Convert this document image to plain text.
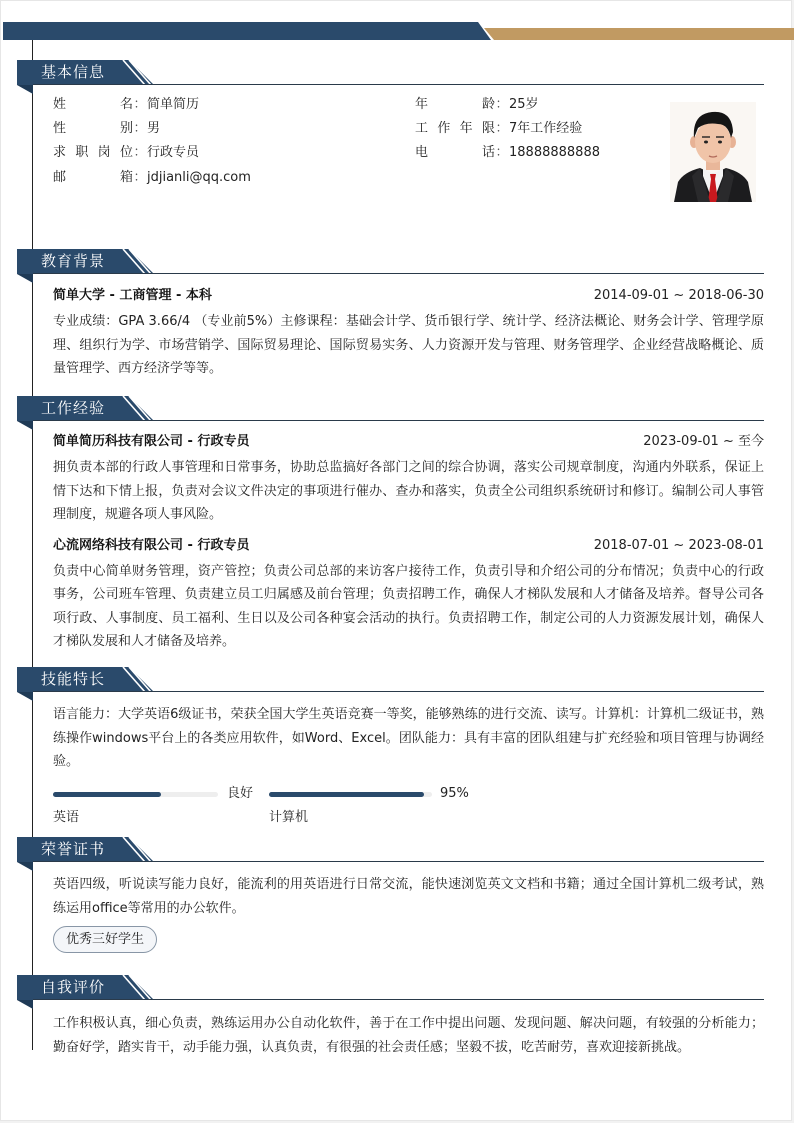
基本信息
姓名：简单简历
性别：男
求职岗位：行政专员
邮箱：jdjianli@qq.com
年龄：25岁
工作年限：7年工作经验
电话：18888888888
教育背景
简单大学 - 工商管理 - 本科	2014-09-01 ~ 2018-06-30
专业成绩：GPA 3.66/4 （专业前5%）主修课程：基础会计学、货币银行学、统计学、经济法概论、财务会计学、管理学原理、组织行为学、市场营销学、国际贸易理论、国际贸易实务、人力资源开发与管理、财务管理学、企业经营战略概论、质量管理学、西方经济学等等。
工作经验
简单简历科技有限公司 - 行政专员	2023-09-01 ~ 至今
拥负责本部的行政人事管理和日常事务，协助总监搞好各部门之间的综合协调，落实公司规章制度，沟通内外联系，保证上情下达和下情上报，负责对会议文件决定的事项进行催办、查办和落实，负责全公司组织系统研讨和修订。编制公司人事管理制度，规避各项人事风险。
心流网络科技有限公司 - 行政专员	2018-07-01 ~ 2023-08-01
负责中心简单财务管理，资产管控；负责公司总部的来访客户接待工作，负责引导和介绍公司的分布情况；负责中心的行政事务，公司班车管理、负责建立员工归属感及前台管理；负责招聘工作，确保人才梯队发展和人才储备及培养。督导公司各项行政、人事制度、员工福利、生日以及公司各种宴会活动的执行。负责招聘工作，制定公司的人力资源发展计划，确保人才梯队发展和人才储备及培养。
技能特长
语言能力：大学英语6级证书，荣获全国大学生英语竞赛一等奖，能够熟练的进行交流、读写。计算机：计算机二级证书，熟练操作windows平台上的各类应用软件，如Word、Excel。团队能力：具有丰富的团队组建与扩充经验和项目管理与协调经验。
良好
英语
95%
计算机
荣誉证书
英语四级，听说读写能力良好，能流利的用英语进行日常交流，能快速浏览英文文档和书籍；通过全国计算机二级考试，熟练运用office等常用的办公软件。
优秀三好学生
自我评价
工作积极认真，细心负责，熟练运用办公自动化软件，善于在工作中提出问题、发现问题、解决问题，有较强的分析能力；勤奋好学，踏实肯干，动手能力强，认真负责，有很强的社会责任感；坚毅不拔，吃苦耐劳，喜欢迎接新挑战。
